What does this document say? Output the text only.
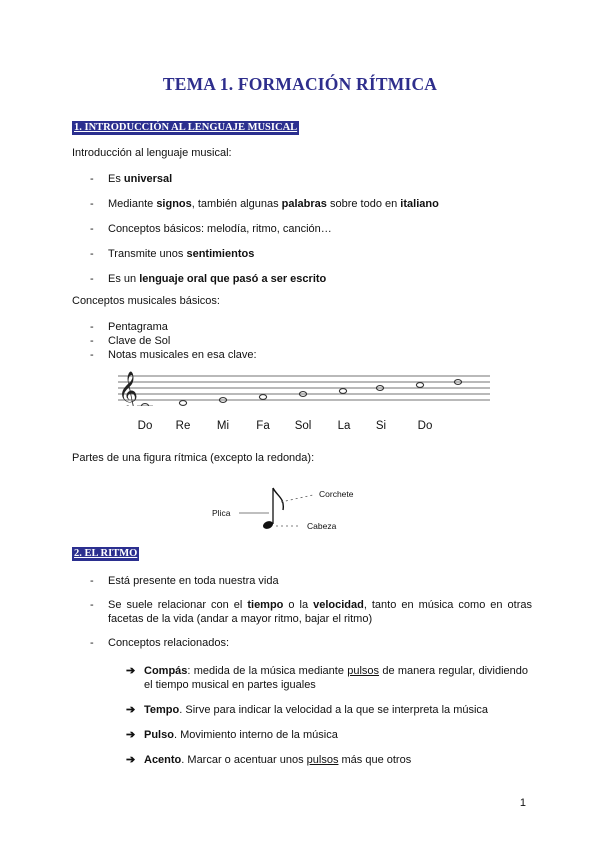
TEMA 1. FORMACIÓN RÍTMICA
1. INTRODUCCIÓN AL LENGUAJE MUSICAL
Introducción al lenguaje musical:
- Es universal
- Mediante signos, también algunas palabras sobre todo en italiano
- Conceptos básicos: melodía, ritmo, canción…
- Transmite unos sentimientos
- Es un lenguaje oral que pasó a ser escrito
Conceptos musicales básicos:
- Pentagrama
- Clave de Sol
- Notas musicales en esa clave:
𝄞
Do Re Mi Fa Sol La Si	Do
Partes de una figura rítmica (excepto la redonda):
Corchete
Plica
Cabeza
2. EL RITMO
- Está presente en toda nuestra vida
- Se suele relacionar con el tiempo o la velocidad, tanto en música como en otras facetas de la vida (andar a mayor ritmo, bajar el ritmo)
- Conceptos relacionados:
➔ Compás: medida de la música mediante pulsos de manera regular, dividiendo el tiempo musical en partes iguales
➔ Tempo. Sirve para indicar la velocidad a la que se interpreta la música
➔ Pulso. Movimiento interno de la música
➔ Acento. Marcar o acentuar unos pulsos más que otros
1
